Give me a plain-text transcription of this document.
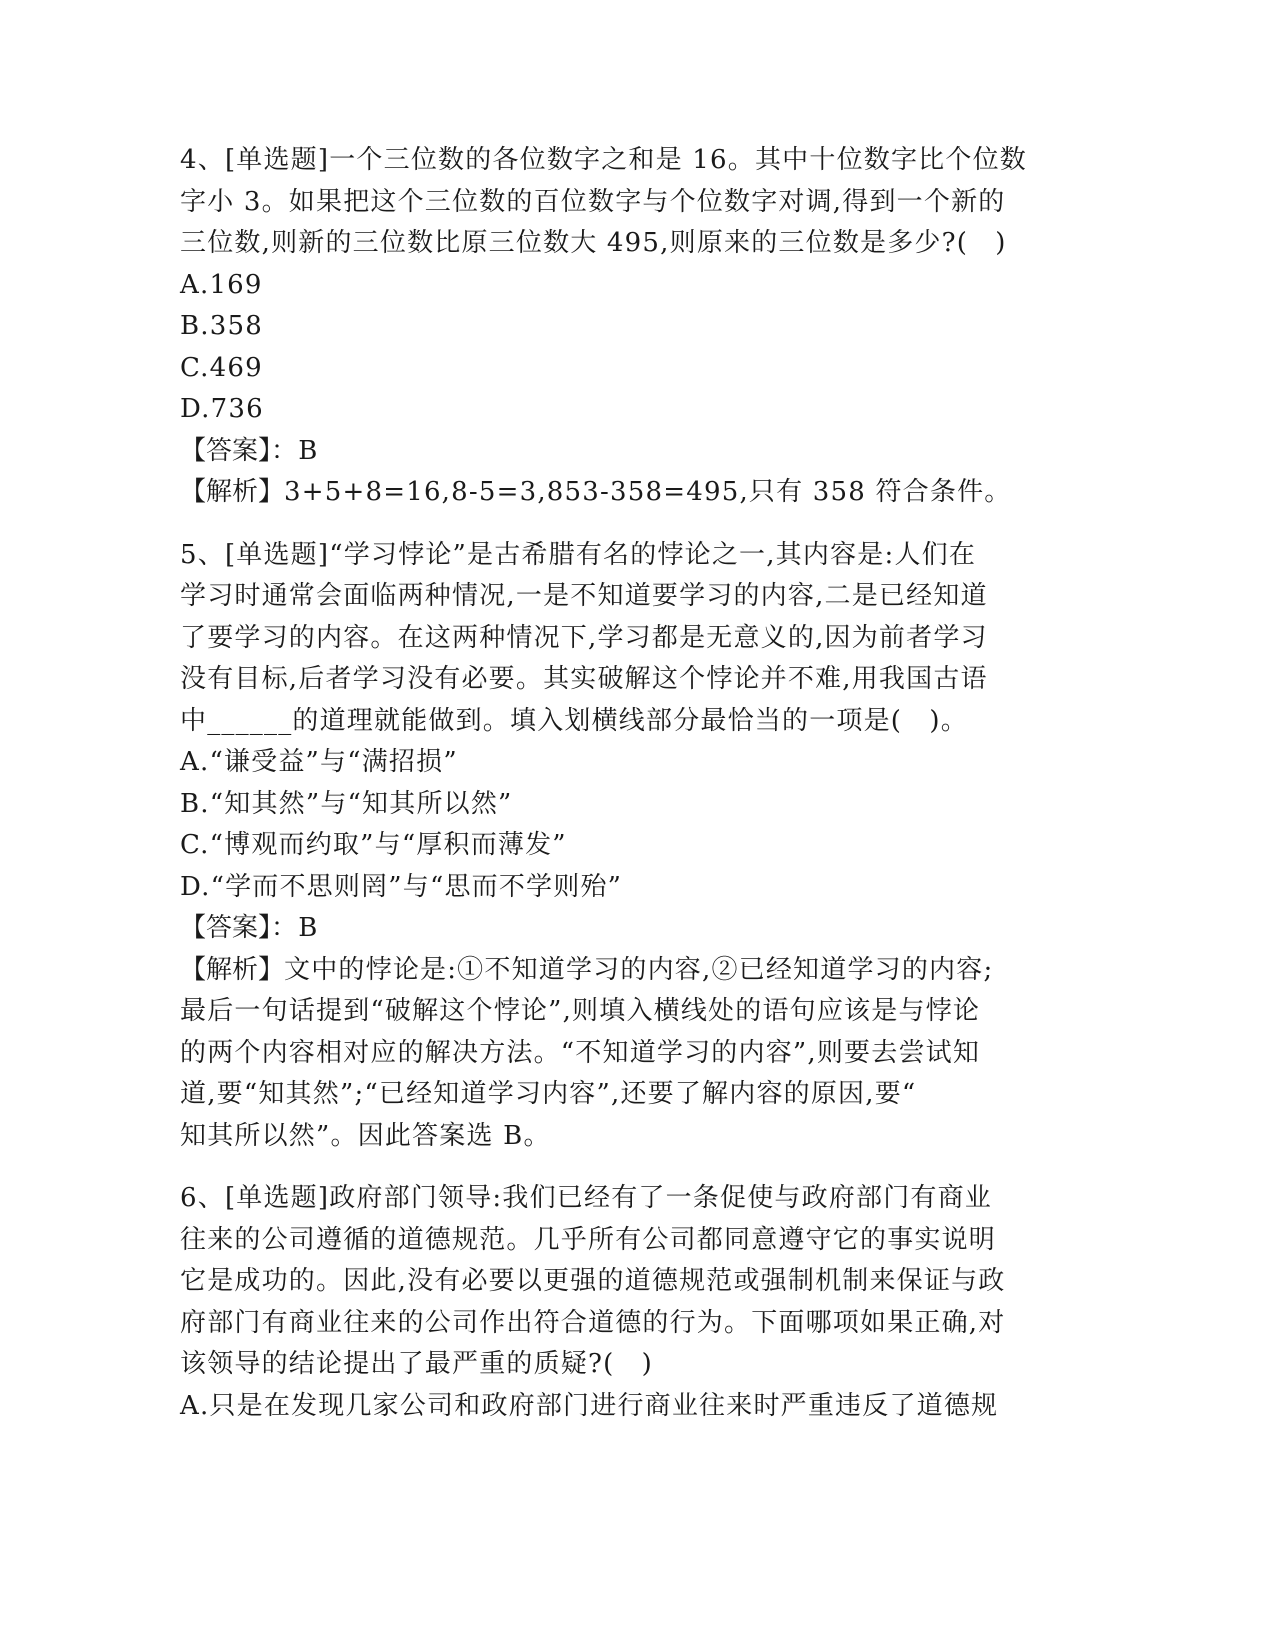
4、[单选题]一个三位数的各位数字之和是 16。其中十位数字比个位数
字小 3。如果把这个三位数的百位数字与个位数字对调,得到一个新的
三位数,则新的三位数比原三位数大 495,则原来的三位数是多少?(　)
A.169
B.358
C.469
D.736
【答案】：B
【解析】3+5+8=16,8-5=3,853-358=495,只有 358 符合条件。
5、[单选题]“学习悖论”是古希腊有名的悖论之一,其内容是:人们在
学习时通常会面临两种情况,一是不知道要学习的内容,二是已经知道
了要学习的内容。在这两种情况下,学习都是无意义的,因为前者学习
没有目标,后者学习没有必要。其实破解这个悖论并不难,用我国古语
中______的道理就能做到。填入划横线部分最恰当的一项是(　)。
A.“谦受益”与“满招损”
B.“知其然”与“知其所以然”
C.“博观而约取”与“厚积而薄发”
D.“学而不思则罔”与“思而不学则殆”
【答案】：B
【解析】文中的悖论是:①不知道学习的内容,②已经知道学习的内容;
最后一句话提到“破解这个悖论”,则填入横线处的语句应该是与悖论
的两个内容相对应的解决方法。“不知道学习的内容”,则要去尝试知
道,要“知其然”;“已经知道学习内容”,还要了解内容的原因,要“
知其所以然”。因此答案选 B。
6、[单选题]政府部门领导:我们已经有了一条促使与政府部门有商业
往来的公司遵循的道德规范。几乎所有公司都同意遵守它的事实说明
它是成功的。因此,没有必要以更强的道德规范或强制机制来保证与政
府部门有商业往来的公司作出符合道德的行为。下面哪项如果正确,对
该领导的结论提出了最严重的质疑?(　)
A.只是在发现几家公司和政府部门进行商业往来时严重违反了道德规
